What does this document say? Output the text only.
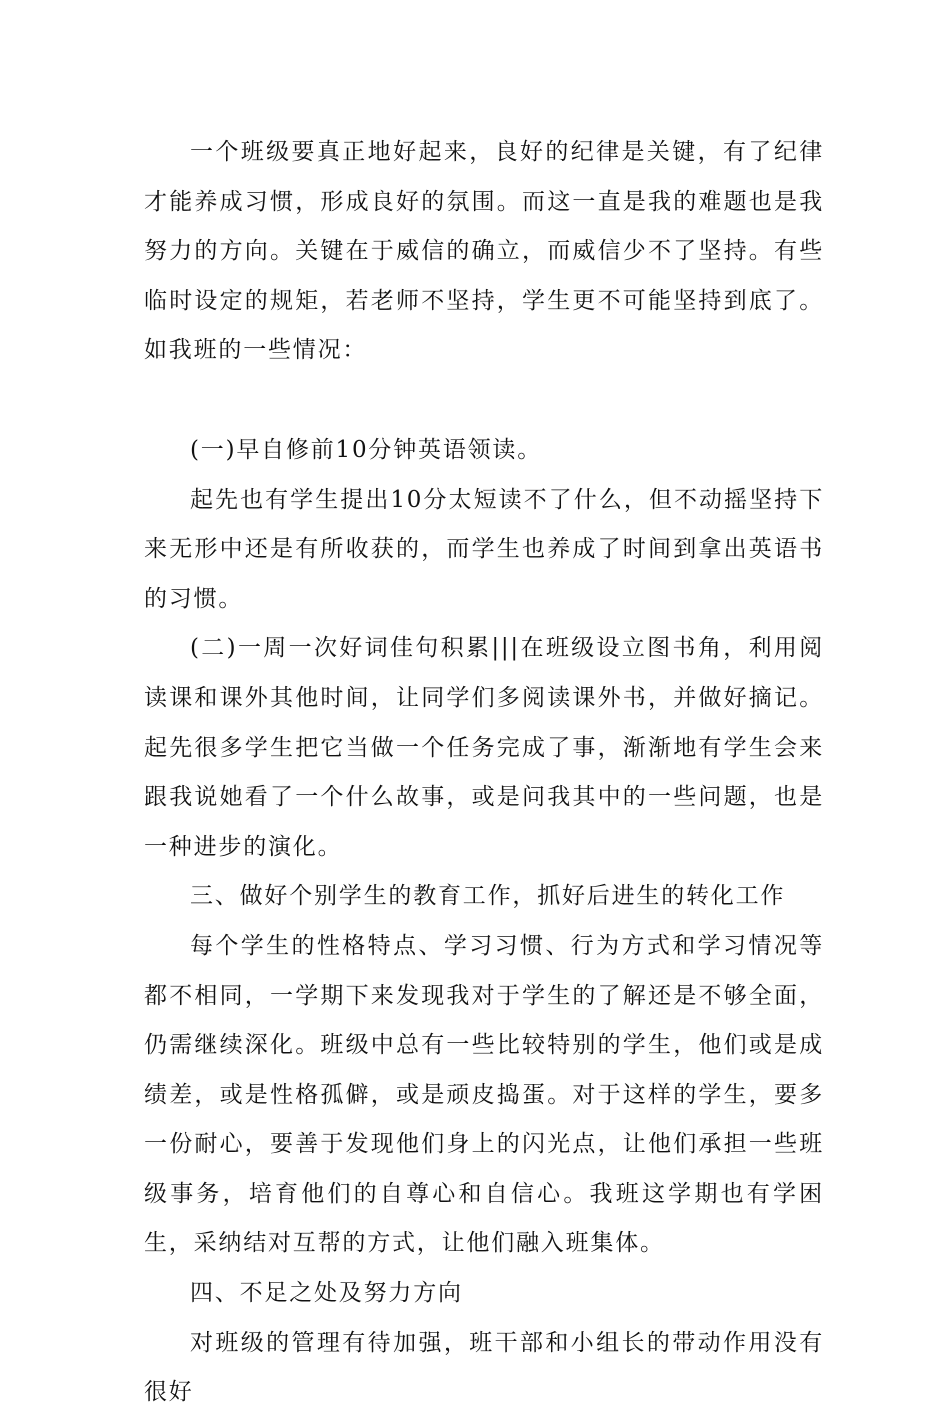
一个班级要真正地好起来，良好的纪律是关键，有了纪律才能养成习惯，形成良好的氛围。而这一直是我的难题也是我努力的方向。关键在于威信的确立，而威信少不了坚持。有些临时设定的规矩，若老师不坚持，学生更不可能坚持到底了。如我班的一些情况：

(一)早自修前10分钟英语领读。

起先也有学生提出10分太短读不了什么，但不动摇坚持下来无形中还是有所收获的，而学生也养成了时间到拿出英语书的习惯。

(二)一周一次好词佳句积累|||在班级设立图书角，利用阅读课和课外其他时间，让同学们多阅读课外书，并做好摘记。起先很多学生把它当做一个任务完成了事，渐渐地有学生会来跟我说她看了一个什么故事，或是问我其中的一些问题，也是一种进步的演化。

三、做好个别学生的教育工作，抓好后进生的转化工作

每个学生的性格特点、学习习惯、行为方式和学习情况等都不相同，一学期下来发现我对于学生的了解还是不够全面，仍需继续深化。班级中总有一些比较特别的学生，他们或是成绩差，或是性格孤僻，或是顽皮捣蛋。对于这样的学生，要多一份耐心，要善于发现他们身上的闪光点，让他们承担一些班级事务，培育他们的自尊心和自信心。我班这学期也有学困生，采纳结对互帮的方式，让他们融入班集体。

四、不足之处及努力方向

对班级的管理有待加强，班干部和小组长的带动作用没有很好
